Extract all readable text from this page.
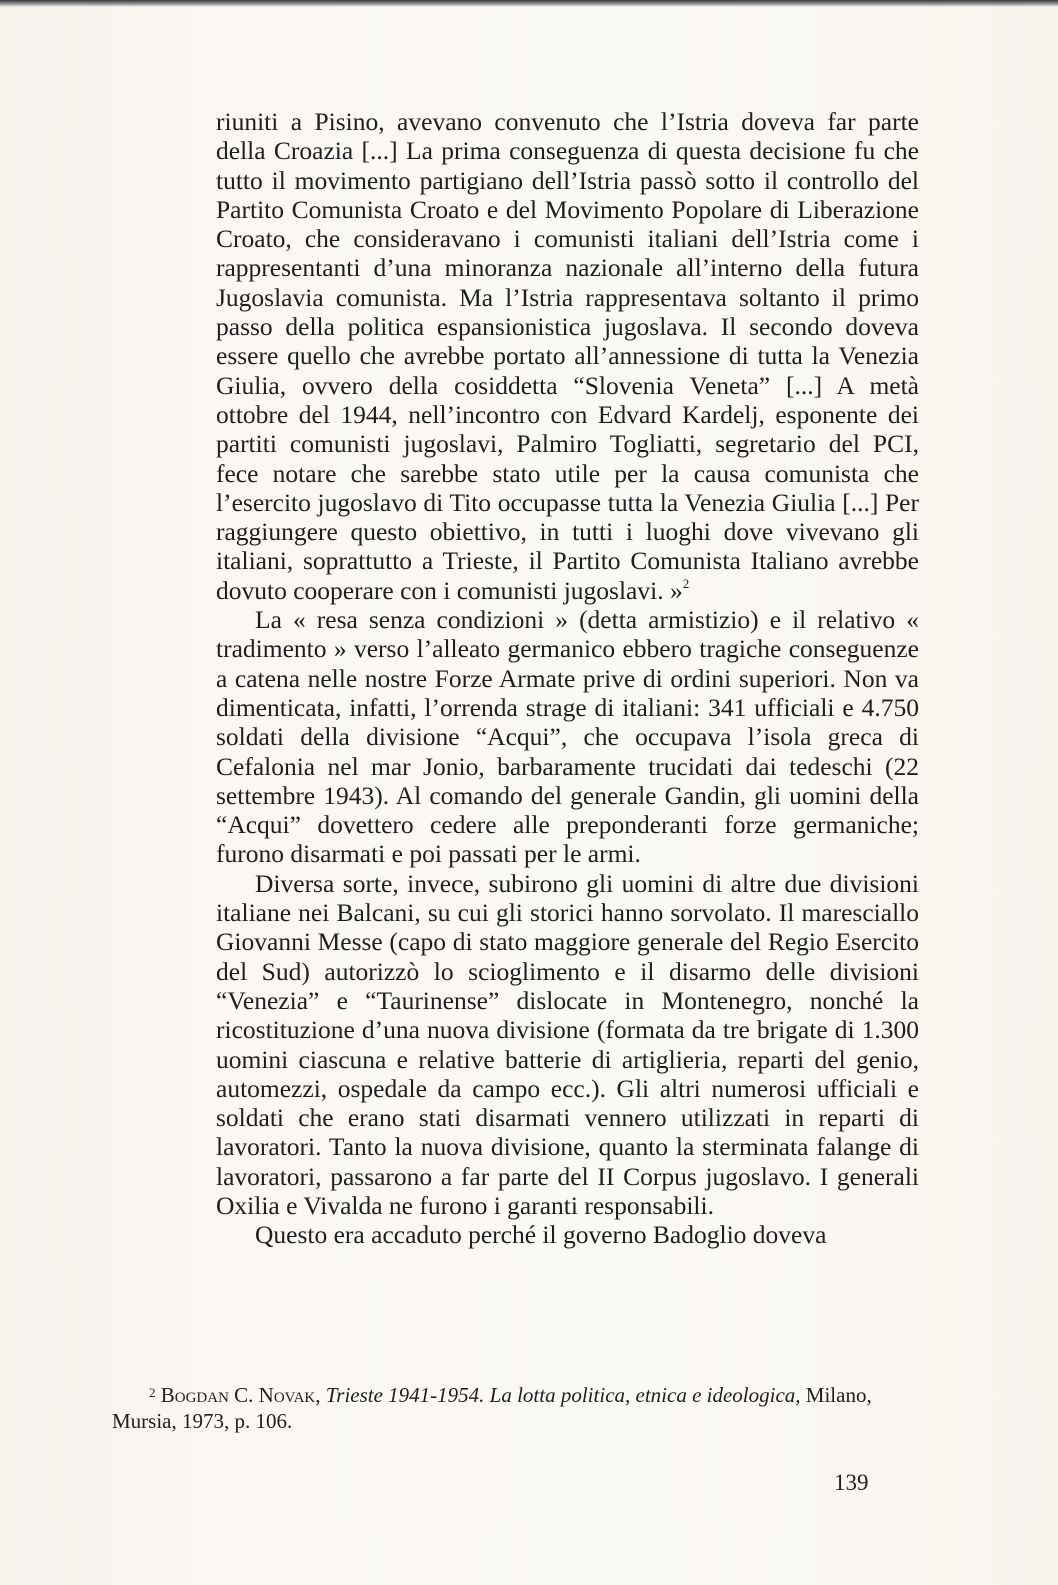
riuniti a Pisino, avevano convenuto che l’Istria doveva far parte della Croazia [...] La prima conseguenza di questa decisione fu che tutto il movimento partigiano dell’Istria passò sotto il controllo del Partito Comunista Croato e del Movimento Popolare di Liberazione Croato, che consideravano i comunisti italiani dell’Istria come i rappresentanti d’una minoranza nazionale all’interno della futura Jugoslavia comunista. Ma l’Istria rappresentava soltanto il primo passo della politica espansionistica jugoslava. Il secondo doveva essere quello che avrebbe portato all’annessione di tutta la Venezia Giulia, ovvero della cosiddetta “Slovenia Veneta” [...] A metà ottobre del 1944, nell’incontro con Edvard Kardelj, esponente dei partiti comunisti jugoslavi, Palmiro Togliatti, segretario del PCI, fece notare che sarebbe stato utile per la causa comunista che l’esercito jugoslavo di Tito occupasse tutta la Venezia Giulia [...] Per raggiungere questo obiettivo, in tutti i luoghi dove vivevano gli italiani, soprattutto a Trieste, il Partito Comunista Italiano avrebbe dovuto cooperare con i comunisti jugoslavi. »$^2$

La « resa senza condizioni » (detta armistizio) e il relativo « tradimento » verso l’alleato germanico ebbero tragiche conseguenze a catena nelle nostre Forze Armate prive di ordini superiori. Non va dimenticata, infatti, l’orrenda strage di italiani: 341 ufficiali e 4.750 soldati della divisione “Acqui”, che occupava l’isola greca di Cefalonia nel mar Jonio, barbaramente trucidati dai tedeschi (22 settembre 1943). Al comando del generale Gandin, gli uomini della “Acqui” dovettero cedere alle preponderanti forze germaniche; furono disarmati e poi passati per le armi.

Diversa sorte, invece, subirono gli uomini di altre due divisioni italiane nei Balcani, su cui gli storici hanno sorvolato. Il maresciallo Giovanni Messe (capo di stato maggiore generale del Regio Esercito del Sud) autorizzò lo scioglimento e il disarmo delle divisioni “Venezia” e “Taurinense” dislocate in Montenegro, nonché la ricostituzione d’una nuova divisione (formata da tre brigate di 1.300 uomini ciascuna e relative batterie di artiglieria, reparti del genio, automezzi, ospedale da campo ecc.). Gli altri numerosi ufficiali e soldati che erano stati disarmati vennero utilizzati in reparti di lavoratori. Tanto la nuova divisione, quanto la sterminata falange di lavoratori, passarono a far parte del II Corpus jugoslavo. I generali Oxilia e Vivalda ne furono i garanti responsabili.

Questo era accaduto perché il governo Badoglio doveva

$^2$ Bogdan C. Novak, Trieste 1941-1954. La lotta politica, etnica e ideologica, Milano, Mursia, 1973, p. 106.

139
